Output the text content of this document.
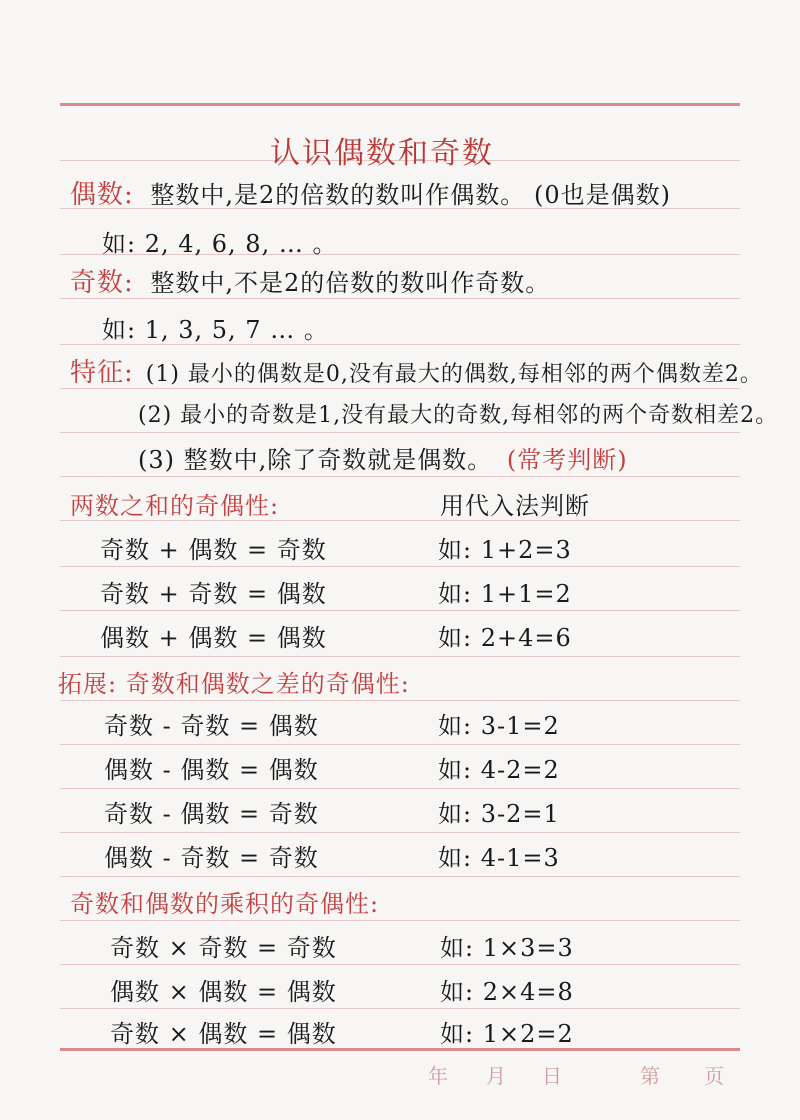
认识偶数和奇数
偶数: 整数中,是2的倍数的数叫作偶数。 (0也是偶数)
如: 2, 4, 6, 8, … 。
奇数: 整数中,不是2的倍数的数叫作奇数。
如: 1, 3, 5, 7 … 。
特征: (1) 最小的偶数是0,没有最大的偶数,每相邻的两个偶数差2。
(2) 最小的奇数是1,没有最大的奇数,每相邻的两个奇数相差2。
(3) 整数中,除了奇数就是偶数。 (常考判断)
两数之和的奇偶性:	用代入法判断
奇数 + 偶数 = 奇数	如: 1+2=3
奇数 + 奇数 = 偶数	如: 1+1=2
偶数 + 偶数 = 偶数	如: 2+4=6
拓展: 奇数和偶数之差的奇偶性:
奇数 - 奇数 = 偶数	如: 3-1=2
偶数 - 偶数 = 偶数	如: 4-2=2
奇数 - 偶数 = 奇数	如: 3-2=1
偶数 - 奇数 = 奇数	如: 4-1=3
奇数和偶数的乘积的奇偶性:
奇数 × 奇数 = 奇数	如: 1×3=3
偶数 × 偶数 = 偶数	如: 2×4=8
奇数 × 偶数 = 偶数	如: 1×2=2
年 月 日	第 页
